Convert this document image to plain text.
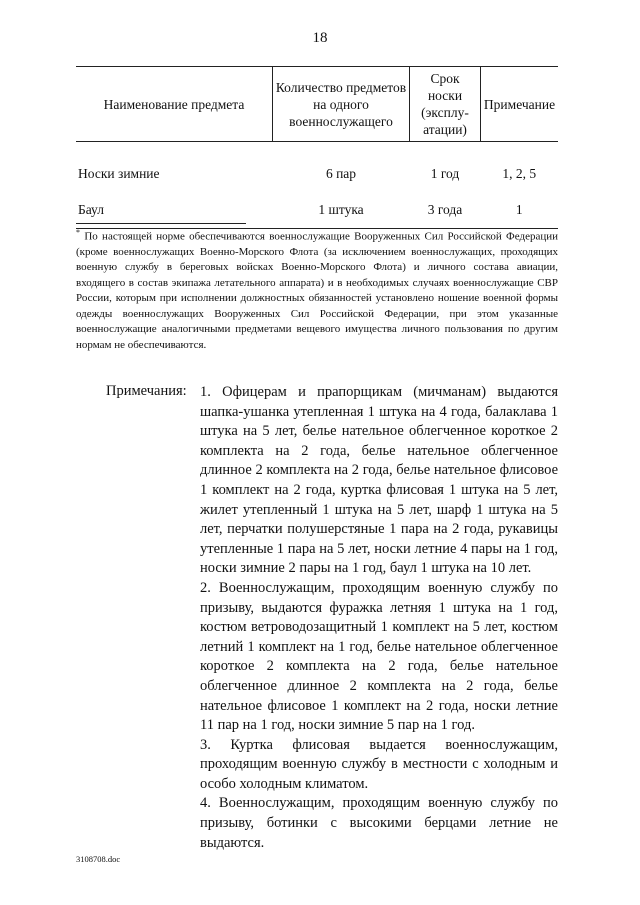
18
Наименование предмета	Количество предметов на одного военнослужащего	Срок носки (эксплу-атации)	Примечание
Носки зимние	6 пар	1 год	1, 2, 5
Баул	1 штука	3 года	1
* По настоящей норме обеспечиваются военнослужащие Вооруженных Сил Российской Федерации (кроме военнослужащих Военно-Морского Флота (за исключением военнослужащих, проходящих военную службу в береговых войсках Военно-Морского Флота) и личного состава авиации, входящего в состав экипажа летательного аппарата) и в необходимых случаях военнослужащие СВР России, которым при исполнении должностных обязанностей установлено ношение военной формы одежды военнослужащих Вооруженных Сил Российской Федерации, при этом указанные военнослужащие аналогичными предметами вещевого имущества личного пользования по другим нормам не обеспечиваются.
Примечания: 1. Офицерам и прапорщикам (мичманам) выдаются шапка-ушанка утепленная 1 штука на 4 года, балаклава 1 штука на 5 лет, белье нательное облегченное короткое 2 комплекта на 2 года, белье нательное облегченное длинное 2 комплекта на 2 года, белье нательное флисовое 1 комплект на 2 года, куртка флисовая 1 штука на 5 лет, жилет утепленный 1 штука на 5 лет, шарф 1 штука на 5 лет, перчатки полушерстяные 1 пара на 2 года, рукавицы утепленные 1 пара на 5 лет, носки летние 4 пары на 1 год, носки зимние 2 пары на 1 год, баул 1 штука на 10 лет.

2. Военнослужащим, проходящим военную службу по призыву, выдаются фуражка летняя 1 штука на 1 год, костюм ветроводозащитный 1 комплект на 5 лет, костюм летний 1 комплект на 1 год, белье нательное облегченное короткое 2 комплекта на 2 года, белье нательное облегченное длинное 2 комплекта на 2 года, белье нательное флисовое 1 комплект на 2 года, носки летние 11 пар на 1 год, носки зимние 5 пар на 1 год.

3. Куртка флисовая выдается военнослужащим, проходящим военную службу в местности с холодным и особо холодным климатом.

4. Военнослужащим, проходящим военную службу по призыву, ботинки с высокими берцами летние не выдаются.

3108708.doc
